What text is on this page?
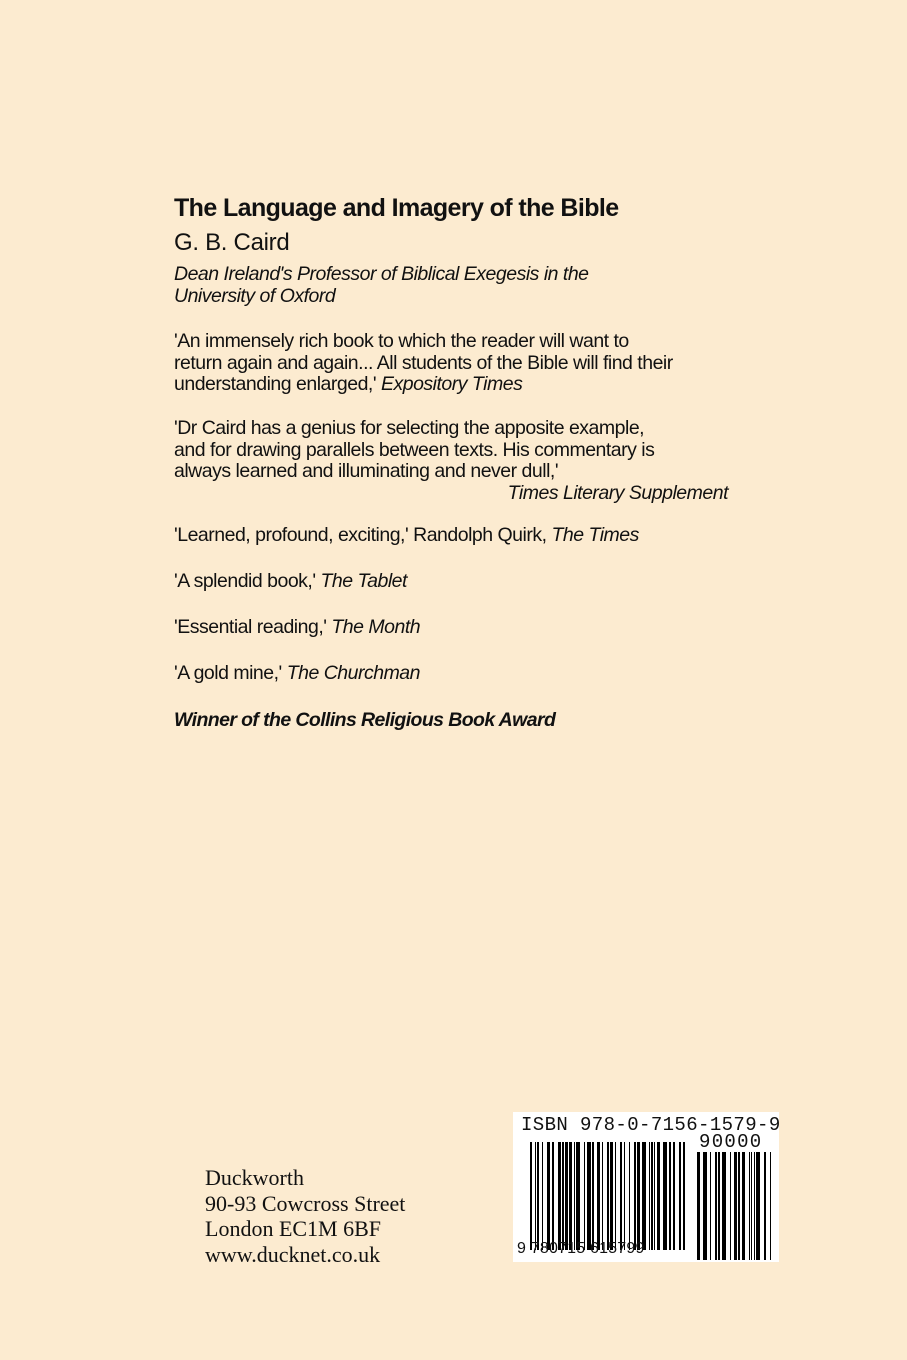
The Language and Imagery of the Bible
G. B. Caird
Dean Ireland's Professor of Biblical Exegesis in the
University of Oxford
'An immensely rich book to which the reader will want to
return again and again... All students of the Bible will find their
understanding enlarged,' Expository Times
'Dr Caird has a genius for selecting the apposite example,
and for drawing parallels between texts. His commentary is
always learned and illuminating and never dull,'
Times Literary Supplement
'Learned, profound, exciting,' Randolph Quirk, The Times
'A splendid book,' The Tablet
'Essential reading,' The Month
'A gold mine,' The Churchman
Winner of the Collins Religious Book Award
Duckworth
90-93 Cowcross Street
London EC1M 6BF
www.ducknet.co.uk
ISBN 978-0-7156-1579-9
90000
9 780715 615799
